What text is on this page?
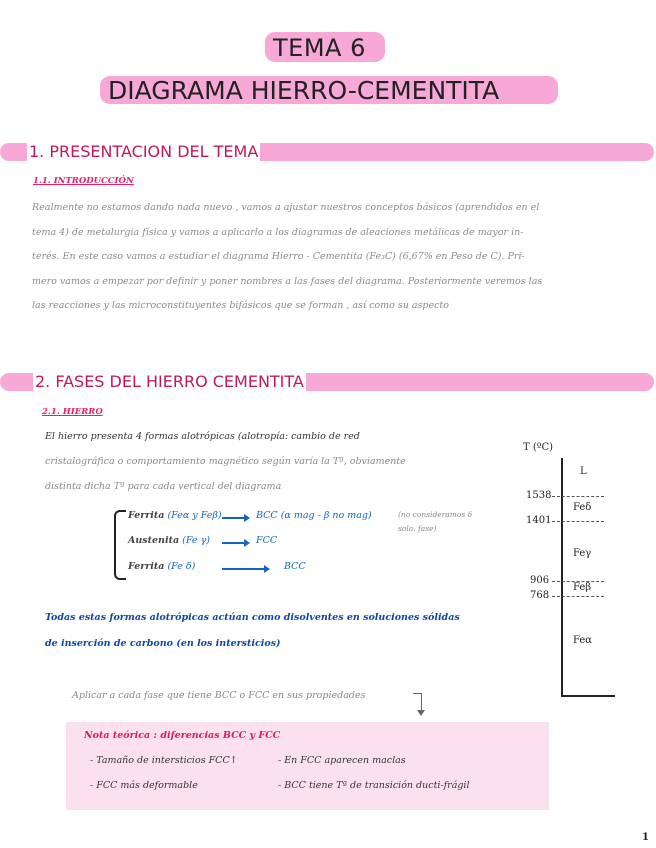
TEMA 6
DIAGRAMA HIERRO-CEMENTITA
1. PRESENTACION DEL TEMA
1.1. INTRODUCCIÓN
Realmente no estamos dando nada nuevo , vamos a ajustar nuestros conceptos básicos (aprendidos en el
tema 4) de metalurgia física y vamos a aplicarlo a los diagramas de aleaciones metálicas de mayor in-
terés. En este caso vamos a estudiar el diagrama Hierro - Cementita (Fe₃C) (6,67% en Peso de C). Pri-
mero vamos a empezar por definir y poner nombres a las fases del diagrama. Posteriormente veremos las
las reacciones y las microconstituyentes bifásicos que se forman , así como su aspecto
2. FASES DEL HIERRO CEMENTITA
2.1. HIERRO
El hierro presenta 4 formas alotrópicas (alotropía: cambio de red
cristalográfica o comportamiento magnético según varía la Tª, obviamente
distinta dicha Tª para cada vertical del diagrama
Ferrita (Feα y Feβ)	BCC (α mag - β no mag)	(no consideramos δ sola. fase)
Austenita (Fe γ)	FCC
Ferrita (Fe δ)	BCC
Todas estas formas alotrópicas actúan como disolventes en soluciones sólidas
de inserción de carbono (en los intersticios)
Aplicar a cada fase que tiene BCC o FCC en sus propiedades
Nota teórica : diferencias BCC y FCC
- Tamaño de intersticios FCC↑	- En FCC aparecen maclas
- FCC más deformable	- BCC tiene Tª de transición ducti-frágil
T (ºC)
1538
1401
906
768
L
Feδ
Feγ
Feβ
Feα
1
